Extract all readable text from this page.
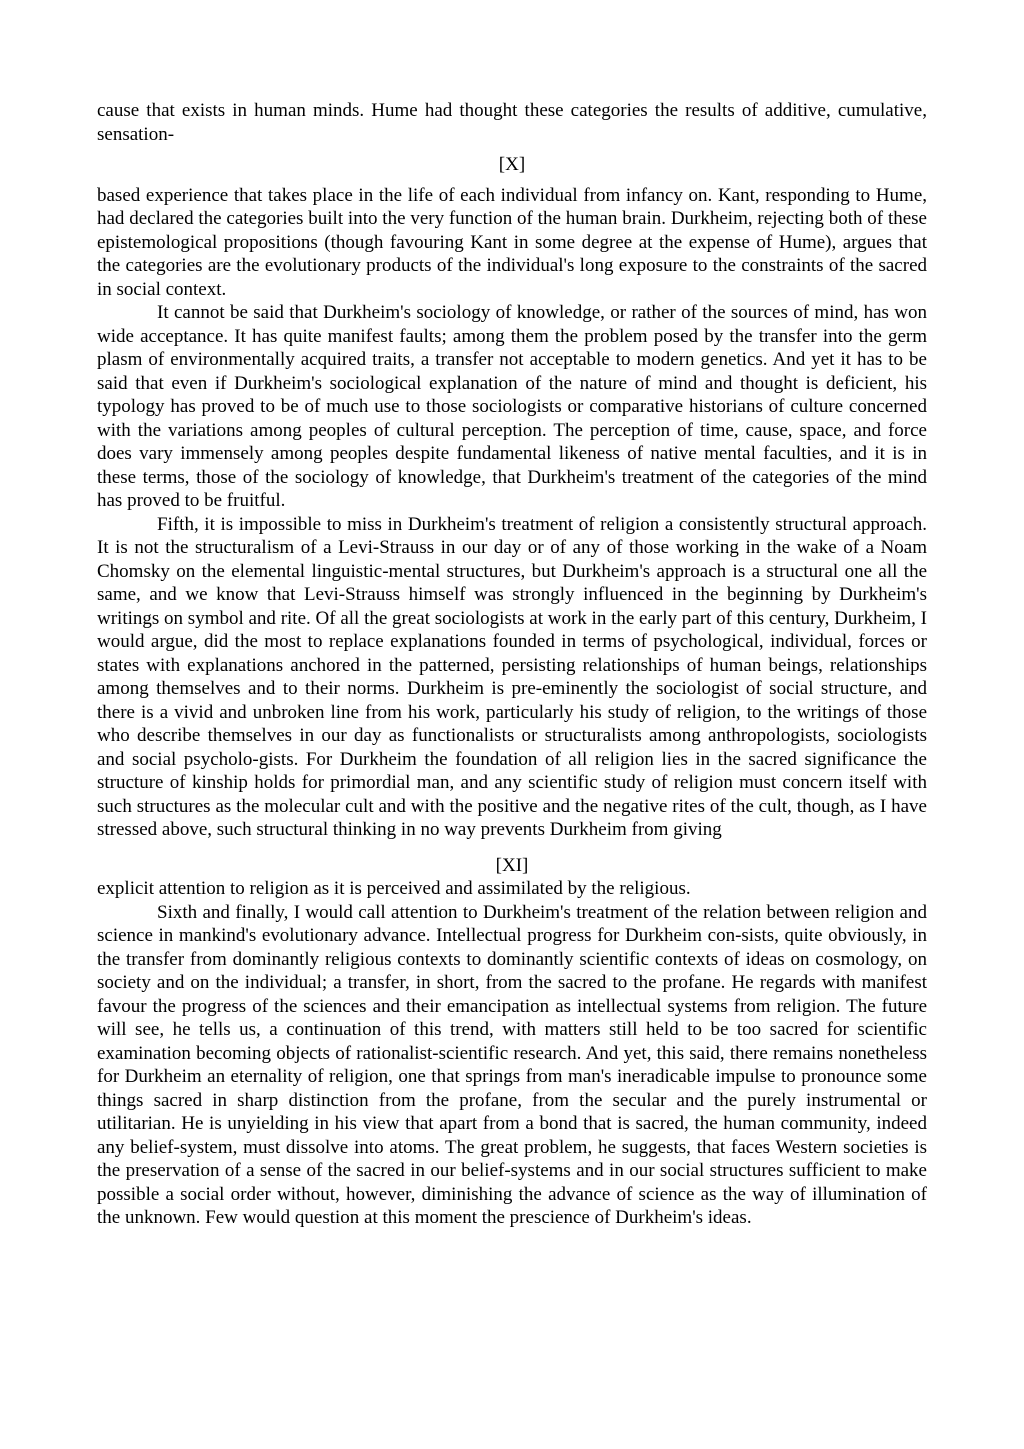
cause that exists in human minds. Hume had thought these categories the results of additive, cumulative, sensation-

[X]

based experience that takes place in the life of each individual from infancy on. Kant, responding to Hume, had declared the categories built into the very function of the human brain. Durkheim, rejecting both of these epistemological propositions (though favouring Kant in some degree at the expense of Hume), argues that the categories are the evolutionary products of the individual's long exposure to the constraints of the sacred in social context.

It cannot be said that Durkheim's sociology of knowledge, or rather of the sources of mind, has won wide acceptance. It has quite manifest faults; among them the problem posed by the transfer into the germ plasm of environmentally acquired traits, a transfer not acceptable to modern genetics. And yet it has to be said that even if Durkheim's sociological explanation of the nature of mind and thought is deficient, his typology has proved to be of much use to those sociologists or comparative historians of culture concerned with the variations among peoples of cultural perception. The perception of time, cause, space, and force does vary immensely among peoples despite fundamental likeness of native mental faculties, and it is in these terms, those of the sociology of knowledge, that Durkheim's treatment of the categories of the mind has proved to be fruitful.

Fifth, it is impossible to miss in Durkheim's treatment of religion a consistently structural approach. It is not the structuralism of a Levi-Strauss in our day or of any of those working in the wake of a Noam Chomsky on the elemental linguistic-mental structures, but Durkheim's approach is a structural one all the same, and we know that Levi-Strauss himself was strongly influenced in the beginning by Durkheim's writings on symbol and rite. Of all the great sociologists at work in the early part of this century, Durkheim, I would argue, did the most to replace explanations founded in terms of psychological, individual, forces or states with explanations anchored in the patterned, persisting relationships of human beings, relationships among themselves and to their norms. Durkheim is pre-eminently the sociologist of social structure, and there is a vivid and unbroken line from his work, particularly his study of religion, to the writings of those who describe themselves in our day as functionalists or structuralists among anthropologists, sociologists and social psycholo-gists. For Durkheim the foundation of all religion lies in the sacred significance the structure of kinship holds for primordial man, and any scientific study of religion must concern itself with such structures as the molecular cult and with the positive and the negative rites of the cult, though, as I have stressed above, such structural thinking in no way prevents Durkheim from giving

[XI]

explicit attention to religion as it is perceived and assimilated by the religious.

Sixth and finally, I would call attention to Durkheim's treatment of the relation between religion and science in mankind's evolutionary advance. Intellectual progress for Durkheim con-sists, quite obviously, in the transfer from dominantly religious contexts to dominantly scientific contexts of ideas on cosmology, on society and on the individual; a transfer, in short, from the sacred to the profane. He regards with manifest favour the progress of the sciences and their emancipation as intellectual systems from religion. The future will see, he tells us, a continuation of this trend, with matters still held to be too sacred for scientific examination becoming objects of rationalist-scientific research. And yet, this said, there remains nonetheless for Durkheim an eternality of religion, one that springs from man's ineradicable impulse to pronounce some things sacred in sharp distinction from the profane, from the secular and the purely instrumental or utilitarian. He is unyielding in his view that apart from a bond that is sacred, the human community, indeed any belief-system, must dissolve into atoms. The great problem, he suggests, that faces Western societies is the preservation of a sense of the sacred in our belief-systems and in our social structures sufficient to make possible a social order without, however, diminishing the advance of science as the way of illumination of the unknown. Few would question at this moment the prescience of Durkheim's ideas.
